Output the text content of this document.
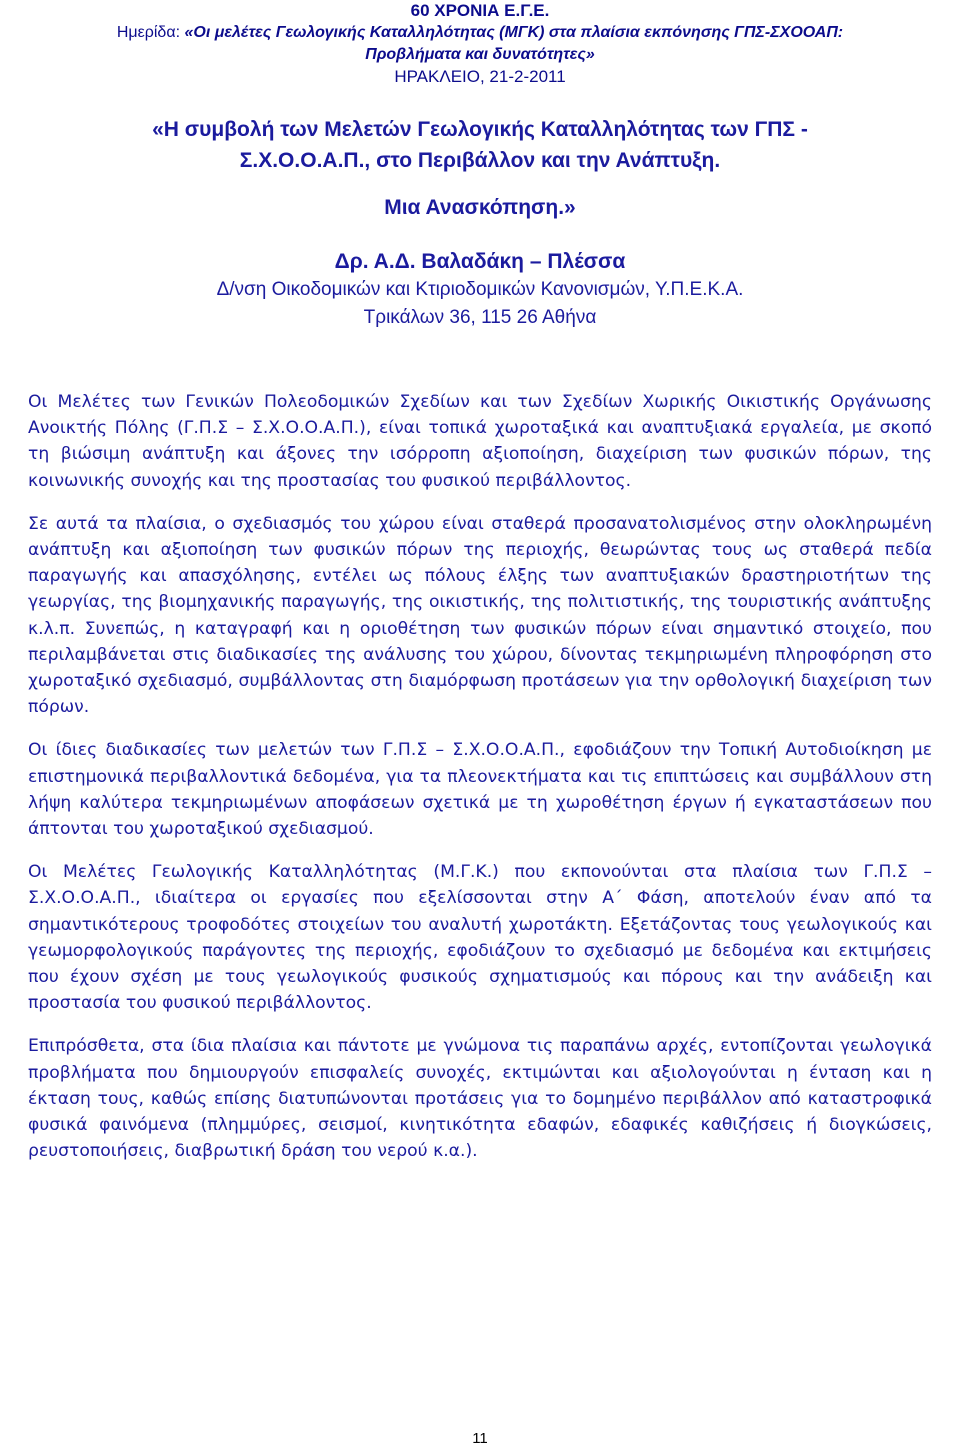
60 ΧΡΟΝΙΑ Ε.Γ.Ε.
Ημερίδα: «Οι μελέτες Γεωλογικής Καταλληλότητας (ΜΓΚ) στα πλαίσια εκπόνησης ΓΠΣ-ΣΧΟΟΑΠ:
Προβλήματα και δυνατότητες»
ΗΡΑΚΛΕΙΟ, 21-2-2011
«Η συμβολή των Μελετών Γεωλογικής Καταλληλότητας των ΓΠΣ -
Σ.Χ.Ο.Ο.Α.Π., στο Περιβάλλον και την Ανάπτυξη.
Μια Ανασκόπηση.»
Δρ. Α.Δ. Βαλαδάκη – Πλέσσα
Δ/νση Οικοδομικών και Κτιριοδομικών Κανονισμών, Υ.Π.Ε.Κ.Α.
Τρικάλων 36, 115 26 Αθήνα

Οι Μελέτες των Γενικών Πολεοδομικών Σχεδίων και των Σχεδίων Χωρικής Οικιστικής Οργάνωσης Ανοικτής Πόλης (Γ.Π.Σ – Σ.Χ.Ο.Ο.Α.Π.), είναι τοπικά χωροταξικά και αναπτυξιακά εργαλεία, με σκοπό τη βιώσιμη ανάπτυξη και άξονες την ισόρροπη αξιοποίηση, διαχείριση των φυσικών πόρων, της κοινωνικής συνοχής και της προστασίας του φυσικού περιβάλλοντος.

Σε αυτά τα πλαίσια, ο σχεδιασμός του χώρου είναι σταθερά προσανατολισμένος στην ολοκληρωμένη ανάπτυξη και αξιοποίηση των φυσικών πόρων της περιοχής, θεωρώντας τους ως σταθερά πεδία παραγωγής και απασχόλησης, εντέλει ως πόλους έλξης των αναπτυξιακών δραστηριοτήτων της γεωργίας, της βιομηχανικής παραγωγής, της οικιστικής, της πολιτιστικής, της τουριστικής ανάπτυξης κ.λ.π. Συνεπώς, η καταγραφή και η οριοθέτηση των φυσικών πόρων είναι σημαντικό στοιχείο, που περιλαμβάνεται στις διαδικασίες της ανάλυσης του χώρου, δίνοντας τεκμηριωμένη πληροφόρηση στο χωροταξικό σχεδιασμό, συμβάλλοντας στη διαμόρφωση προτάσεων για την ορθολογική διαχείριση των πόρων.

Οι ίδιες διαδικασίες των μελετών των Γ.Π.Σ – Σ.Χ.Ο.Ο.Α.Π., εφοδιάζουν την Τοπική Αυτοδιοίκηση με επιστημονικά περιβαλλοντικά δεδομένα, για τα πλεονεκτήματα και τις επιπτώσεις και συμβάλλουν στη λήψη καλύτερα τεκμηριωμένων αποφάσεων σχετικά με τη χωροθέτηση έργων ή εγκαταστάσεων που άπτονται του χωροταξικού σχεδιασμού.

Οι Μελέτες Γεωλογικής Καταλληλότητας (Μ.Γ.Κ.) που εκπονούνται στα πλαίσια των Γ.Π.Σ – Σ.Χ.Ο.Ο.Α.Π., ιδιαίτερα οι εργασίες που εξελίσσονται στην Α΄ Φάση, αποτελούν έναν από τα σημαντικότερους τροφοδότες στοιχείων του αναλυτή χωροτάκτη. Εξετάζοντας τους γεωλογικούς και γεωμορφολογικούς παράγοντες της περιοχής, εφοδιάζουν το σχεδιασμό με δεδομένα και εκτιμήσεις που έχουν σχέση με τους γεωλογικούς φυσικούς σχηματισμούς και πόρους και την ανάδειξη και προστασία του φυσικού περιβάλλοντος.

Επιπρόσθετα, στα ίδια πλαίσια και πάντοτε με γνώμονα τις παραπάνω αρχές, εντοπίζονται γεωλογικά προβλήματα που δημιουργούν επισφαλείς συνοχές, εκτιμώνται και αξιολογούνται η ένταση και η έκταση τους, καθώς επίσης διατυπώνονται προτάσεις για το δομημένο περιβάλλον από καταστροφικά φυσικά φαινόμενα (πλημμύρες, σεισμοί, κινητικότητα εδαφών, εδαφικές καθιζήσεις ή διογκώσεις, ρευστοποιήσεις, διαβρωτική δράση του νερού κ.α.).

11
